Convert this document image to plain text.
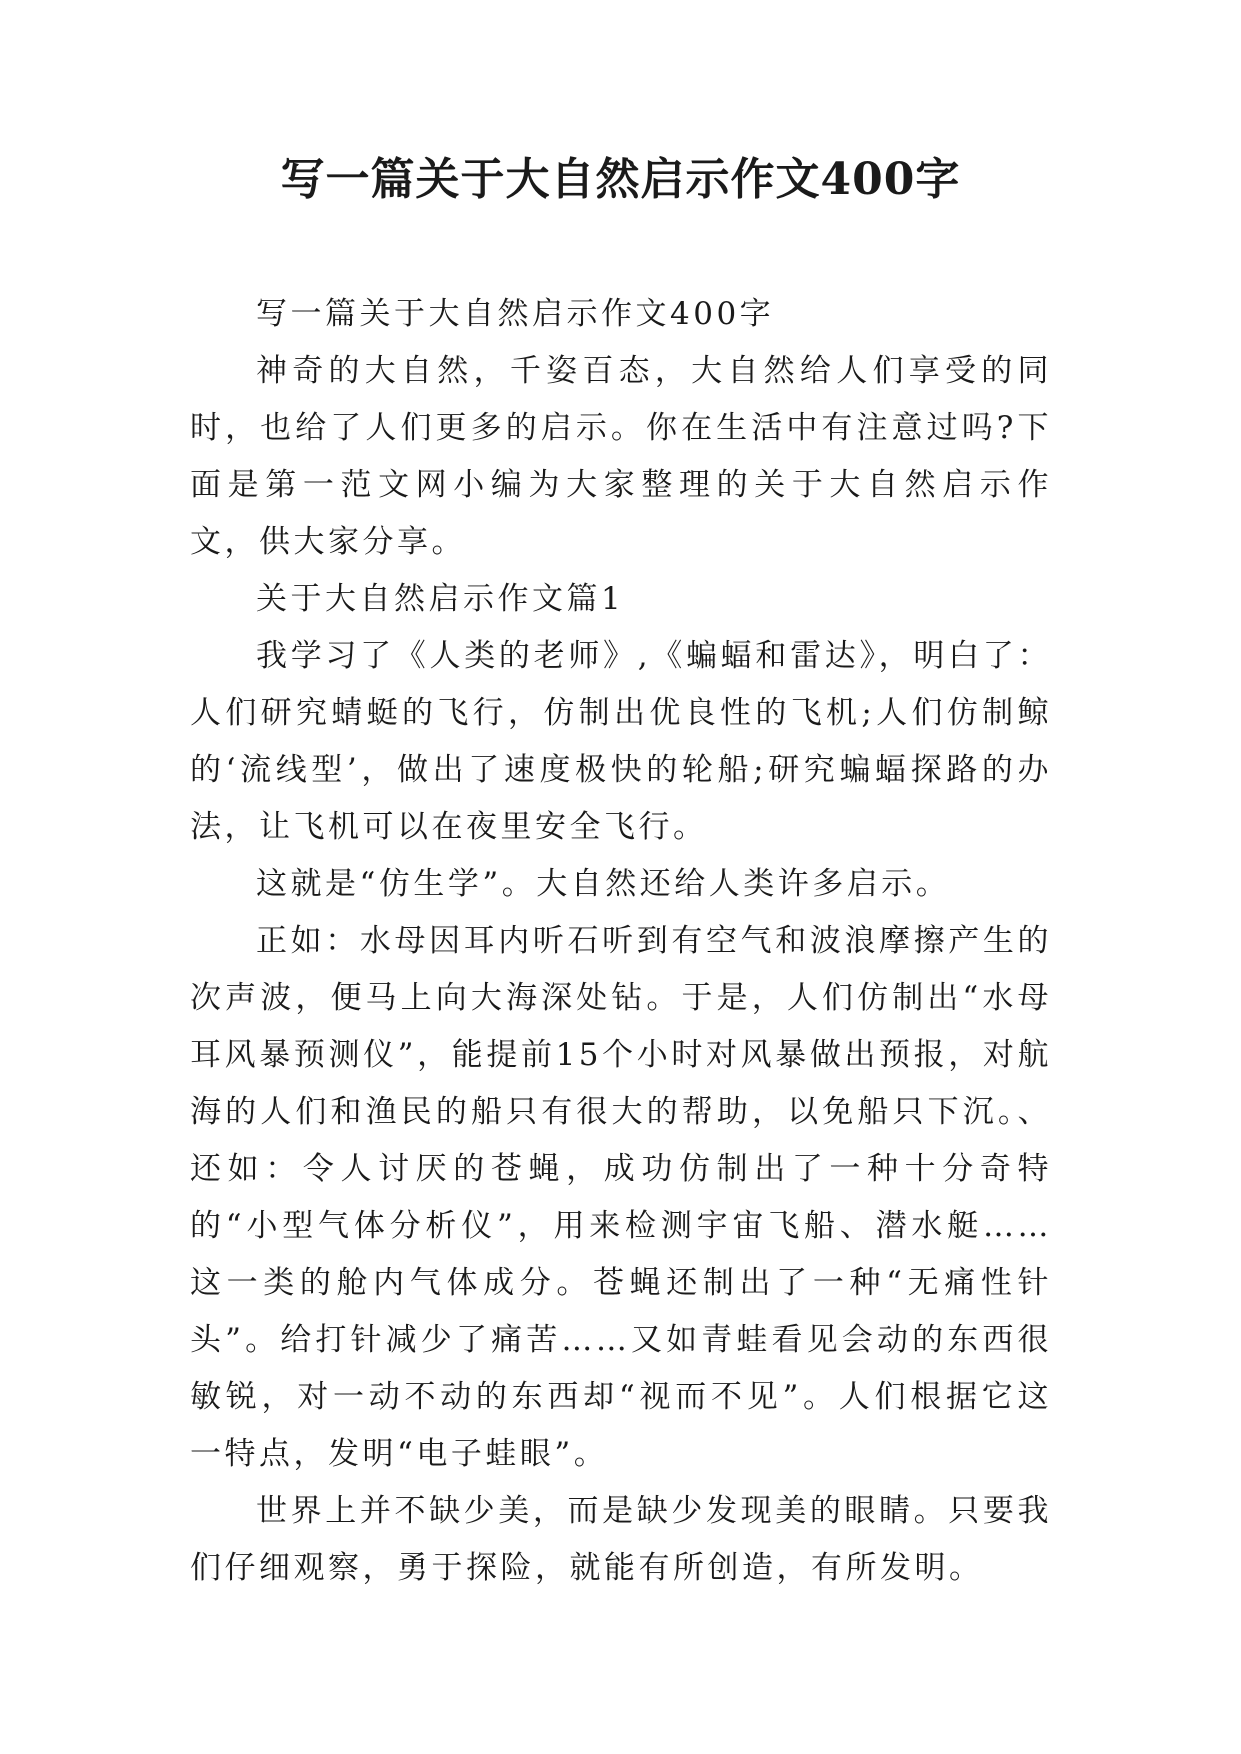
写一篇关于大自然启示作文400字

写一篇关于大自然启示作文400字

神奇的大自然，千姿百态，大自然给人们享受的同时，也给了人们更多的启示。你在生活中有注意过吗?下面是第一范文网小编为大家整理的关于大自然启示作文，供大家分享。

关于大自然启示作文篇1

我学习了《人类的老师》,《蝙蝠和雷达》，明白了：人们研究蜻蜓的飞行，仿制出优良性的飞机;人们仿制鲸的‘流线型’，做出了速度极快的轮船;研究蝙蝠探路的办法，让飞机可以在夜里安全飞行。

这就是“仿生学”。大自然还给人类许多启示。

正如：水母因耳内听石听到有空气和波浪摩擦产生的次声波，便马上向大海深处钻。于是，人们仿制出“水母耳风暴预测仪”，能提前15个小时对风暴做出预报，对航海的人们和渔民的船只有很大的帮助，以免船只下沉。、还如：令人讨厌的苍蝇，成功仿制出了一种十分奇特的“小型气体分析仪”，用来检测宇宙飞船、潜水艇……这一类的舱内气体成分。苍蝇还制出了一种“无痛性针头”。给打针减少了痛苦……又如青蛙看见会动的东西很敏锐，对一动不动的东西却“视而不见”。人们根据它这一特点，发明“电子蛙眼”。

世界上并不缺少美，而是缺少发现美的眼睛。只要我们仔细观察，勇于探险，就能有所创造，有所发明。
